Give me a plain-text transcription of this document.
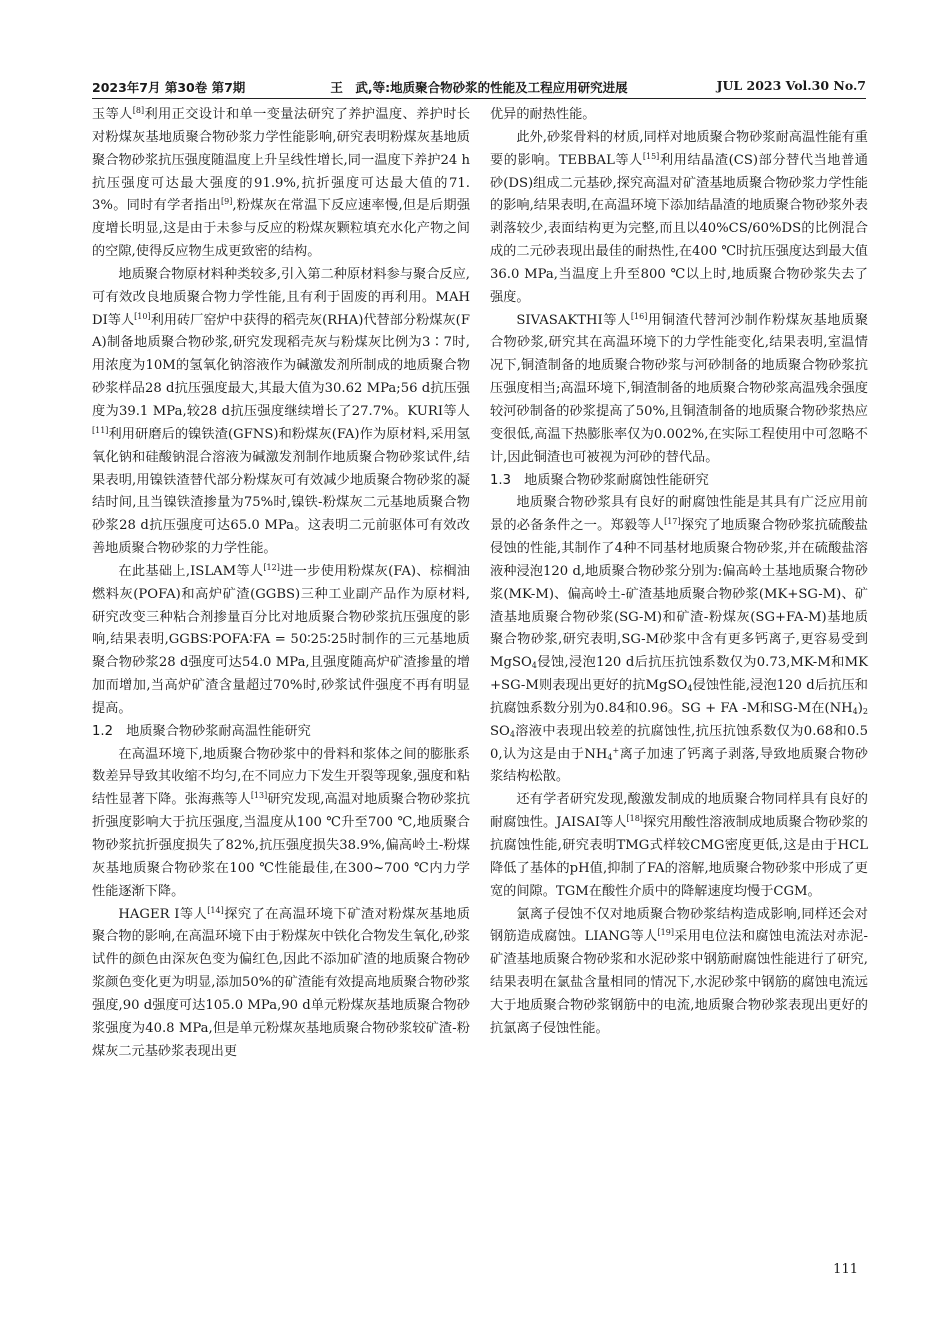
2023年7月 第30卷 第7期	王　武,等:地质聚合物砂浆的性能及工程应用研究进展	JUL 2023 Vol.30 No.7

玉等人[8]利用正交设计和单一变量法研究了养护温度、养护时长对粉煤灰基地质聚合物砂浆力学性能影响,研究表明粉煤灰基地质聚合物砂浆抗压强度随温度上升呈线性增长,同一温度下养护24 h抗压强度可达最大强度的91.9%,抗折强度可达最大值的71.3%。同时有学者指出[9],粉煤灰在常温下反应速率慢,但是后期强度增长明显,这是由于未参与反应的粉煤灰颗粒填充水化产物之间的空隙,使得反应物生成更致密的结构。

地质聚合物原材料种类较多,引入第二种原材料参与聚合反应,可有效改良地质聚合物力学性能,且有利于固废的再利用。MAHDI等人[10]利用砖厂窑炉中获得的稻壳灰(RHA)代替部分粉煤灰(FA)制备地质聚合物砂浆,研究发现稻壳灰与粉煤灰比例为3∶7时,用浓度为10M的氢氧化钠溶液作为碱激发剂所制成的地质聚合物砂浆样品28 d抗压强度最大,其最大值为30.62 MPa;56 d抗压强度为39.1 MPa,较28 d抗压强度继续增长了27.7%。KURI等人[11]利用研磨后的镍铁渣(GFNS)和粉煤灰(FA)作为原材料,采用氢氧化钠和硅酸钠混合溶液为碱激发剂制作地质聚合物砂浆试件,结果表明,用镍铁渣替代部分粉煤灰可有效减少地质聚合物砂浆的凝结时间,且当镍铁渣掺量为75%时,镍铁-粉煤灰二元基地质聚合物砂浆28 d抗压强度可达65.0 MPa。这表明二元前驱体可有效改善地质聚合物砂浆的力学性能。

在此基础上,ISLAM等人[12]进一步使用粉煤灰(FA)、棕榈油燃料灰(POFA)和高炉矿渣(GGBS)三种工业副产品作为原材料,研究改变三种粘合剂掺量百分比对地质聚合物砂浆抗压强度的影响,结果表明,GGBS∶POFA∶FA = 50∶25∶25时制作的三元基地质聚合物砂浆28 d强度可达54.0 MPa,且强度随高炉矿渣掺量的增加而增加,当高炉矿渣含量超过70%时,砂浆试件强度不再有明显提高。

1.2　地质聚合物砂浆耐高温性能研究

在高温环境下,地质聚合物砂浆中的骨料和浆体之间的膨胀系数差异导致其收缩不均匀,在不同应力下发生开裂等现象,强度和粘结性显著下降。张海燕等人[13]研究发现,高温对地质聚合物砂浆抗折强度影响大于抗压强度,当温度从100 ℃升至700 ℃,地质聚合物砂浆抗折强度损失了82%,抗压强度损失38.9%,偏高岭土-粉煤灰基地质聚合物砂浆在100 ℃性能最佳,在300~700 ℃内力学性能逐渐下降。

HAGER I等人[14]探究了在高温环境下矿渣对粉煤灰基地质聚合物的影响,在高温环境下由于粉煤灰中铁化合物发生氧化,砂浆试件的颜色由深灰色变为偏红色,因此不添加矿渣的地质聚合物砂浆颜色变化更为明显,添加50%的矿渣能有效提高地质聚合物砂浆强度,90 d强度可达105.0 MPa,90 d单元粉煤灰基地质聚合物砂浆强度为40.8 MPa,但是单元粉煤灰基地质聚合物砂浆较矿渣-粉煤灰二元基砂浆表现出更

优异的耐热性能。

此外,砂浆骨料的材质,同样对地质聚合物砂浆耐高温性能有重要的影响。TEBBAL等人[15]利用结晶渣(CS)部分替代当地普通砂(DS)组成二元基砂,探究高温对矿渣基地质聚合物砂浆力学性能的影响,结果表明,在高温环境下添加结晶渣的地质聚合物砂浆外表剥落较少,表面结构更为完整,而且以40%CS/60%DS的比例混合成的二元砂表现出最佳的耐热性,在400 ℃时抗压强度达到最大值36.0 MPa,当温度上升至800 ℃以上时,地质聚合物砂浆失去了强度。

SIVASAKTHI等人[16]用铜渣代替河沙制作粉煤灰基地质聚合物砂浆,研究其在高温环境下的力学性能变化,结果表明,室温情况下,铜渣制备的地质聚合物砂浆与河砂制备的地质聚合物砂浆抗压强度相当;高温环境下,铜渣制备的地质聚合物砂浆高温残余强度较河砂制备的砂浆提高了50%,且铜渣制备的地质聚合物砂浆热应变很低,高温下热膨胀率仅为0.002%,在实际工程使用中可忽略不计,因此铜渣也可被视为河砂的替代品。

1.3　地质聚合物砂浆耐腐蚀性能研究

地质聚合物砂浆具有良好的耐腐蚀性能是其具有广泛应用前景的必备条件之一。郑毅等人[17]探究了地质聚合物砂浆抗硫酸盐侵蚀的性能,其制作了4种不同基材地质聚合物砂浆,并在硫酸盐溶液种浸泡120 d,地质聚合物砂浆分别为:偏高岭土基地质聚合物砂浆(MK-M)、偏高岭土-矿渣基地质聚合物砂浆(MK+SG-M)、矿渣基地质聚合物砂浆(SG-M)和矿渣-粉煤灰(SG+FA-M)基地质聚合物砂浆,研究表明,SG-M砂浆中含有更多钙离子,更容易受到MgSO$_4$侵蚀,浸泡120 d后抗压抗蚀系数仅为0.73,MK-M和MK+SG-M则表现出更好的抗MgSO$_4$侵蚀性能,浸泡120 d后抗压和抗腐蚀系数分别为0.84和0.96。SG + FA -M和SG-M在$(NH_4)_2SO_4$溶液中表现出较差的抗腐蚀性,抗压抗蚀系数仅为0.68和0.50,认为这是由于$NH_4^+$离子加速了钙离子剥落,导致地质聚合物砂浆结构松散。

还有学者研究发现,酸激发制成的地质聚合物同样具有良好的耐腐蚀性。JAISAI等人[18]探究用酸性溶液制成地质聚合物砂浆的抗腐蚀性能,研究表明TMG式样较CMG密度更低,这是由于HCL降低了基体的pH值,抑制了FA的溶解,地质聚合物砂浆中形成了更宽的间隙。TGM在酸性介质中的降解速度均慢于CGM。

氯离子侵蚀不仅对地质聚合物砂浆结构造成影响,同样还会对钢筋造成腐蚀。LIANG等人[19]采用电位法和腐蚀电流法对赤泥-矿渣基地质聚合物砂浆和水泥砂浆中钢筋耐腐蚀性能进行了研究,结果表明在氯盐含量相同的情况下,水泥砂浆中钢筋的腐蚀电流远大于地质聚合物砂浆钢筋中的电流,地质聚合物砂浆表现出更好的抗氯离子侵蚀性能。

111
